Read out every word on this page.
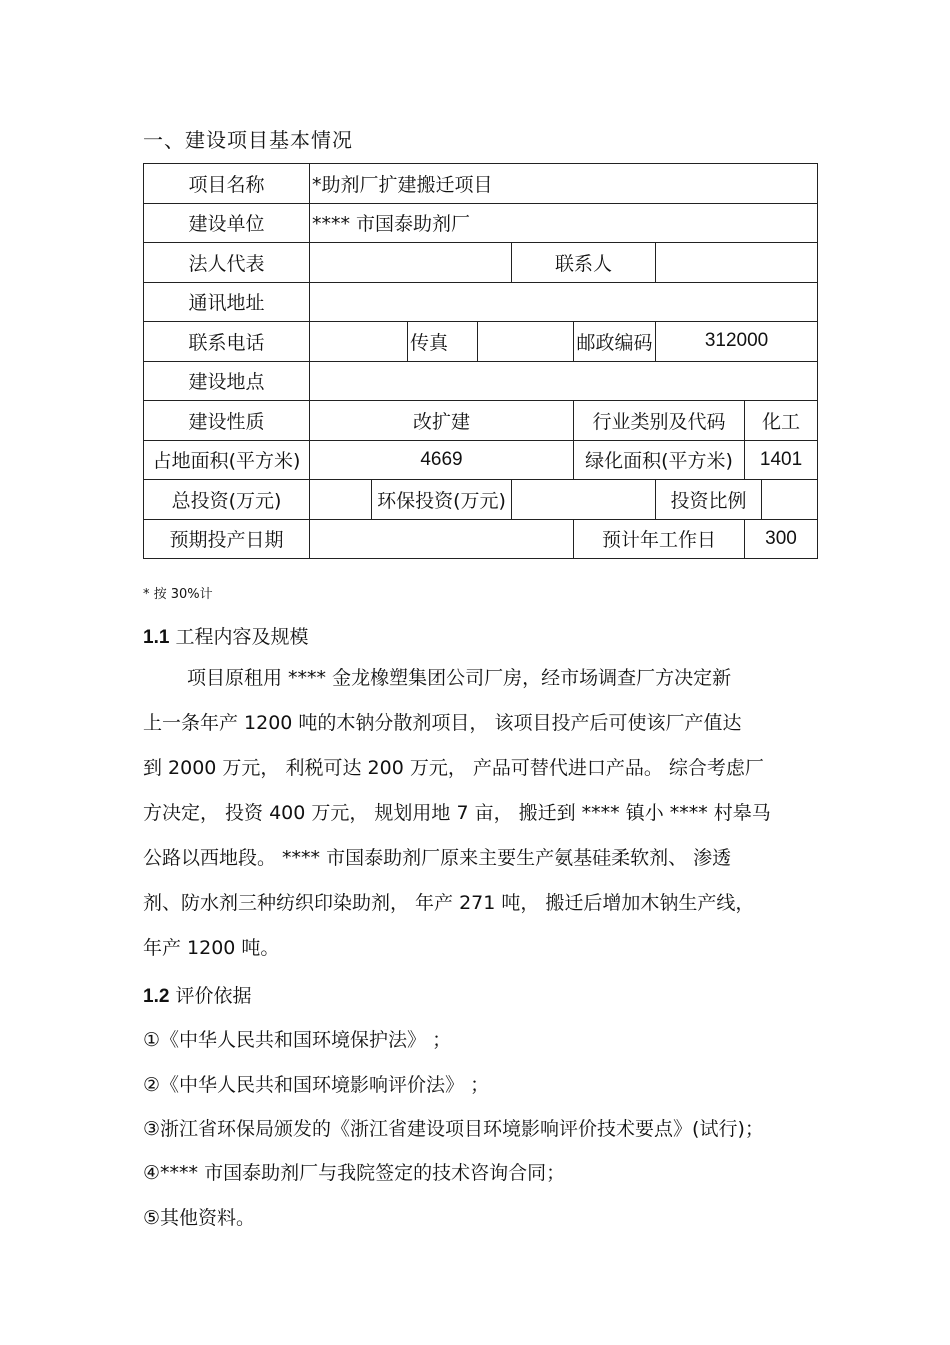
一、建设项目基本情况
项目名称	*助剂厂扩建搬迁项目								
建设单位	**** 市国泰助剂厂								
法人代表					联系人				
通讯地址									
联系电话			传真			邮政编码	312000		
建设地点									
建设性质	改扩建					行业类别及代码		化工	
占地面积(平方米)	4669					绿化面积(平方米)		1401	
总投资(万元)		环保投资(万元)					投资比例		
预期投产日期						预计年工作日		300	
* 按 30%计
1.1 工程内容及规模
项目原租用 **** 金龙橡塑集团公司厂房，经市场调查厂方决定新
上一条年产 1200 吨的木钠分散剂项目， 该项目投产后可使该厂产值达
到 2000 万元， 利税可达 200 万元， 产品可替代进口产品。 综合考虑厂
方决定， 投资 400 万元， 规划用地 7 亩， 搬迁到 **** 镇小 **** 村皋马
公路以西地段。 **** 市国泰助剂厂原来主要生产氨基硅柔软剂、 渗透
剂、防水剂三种纺织印染助剂， 年产 271 吨， 搬迁后增加木钠生产线，
年产 1200 吨。
1.2 评价依据
①《中华人民共和国环境保护法》 ；
②《中华人民共和国环境影响评价法》 ；
③浙江省环保局颁发的《浙江省建设项目环境影响评价技术要点》(试行)；
④**** 市国泰助剂厂与我院签定的技术咨询合同；
⑤其他资料。
